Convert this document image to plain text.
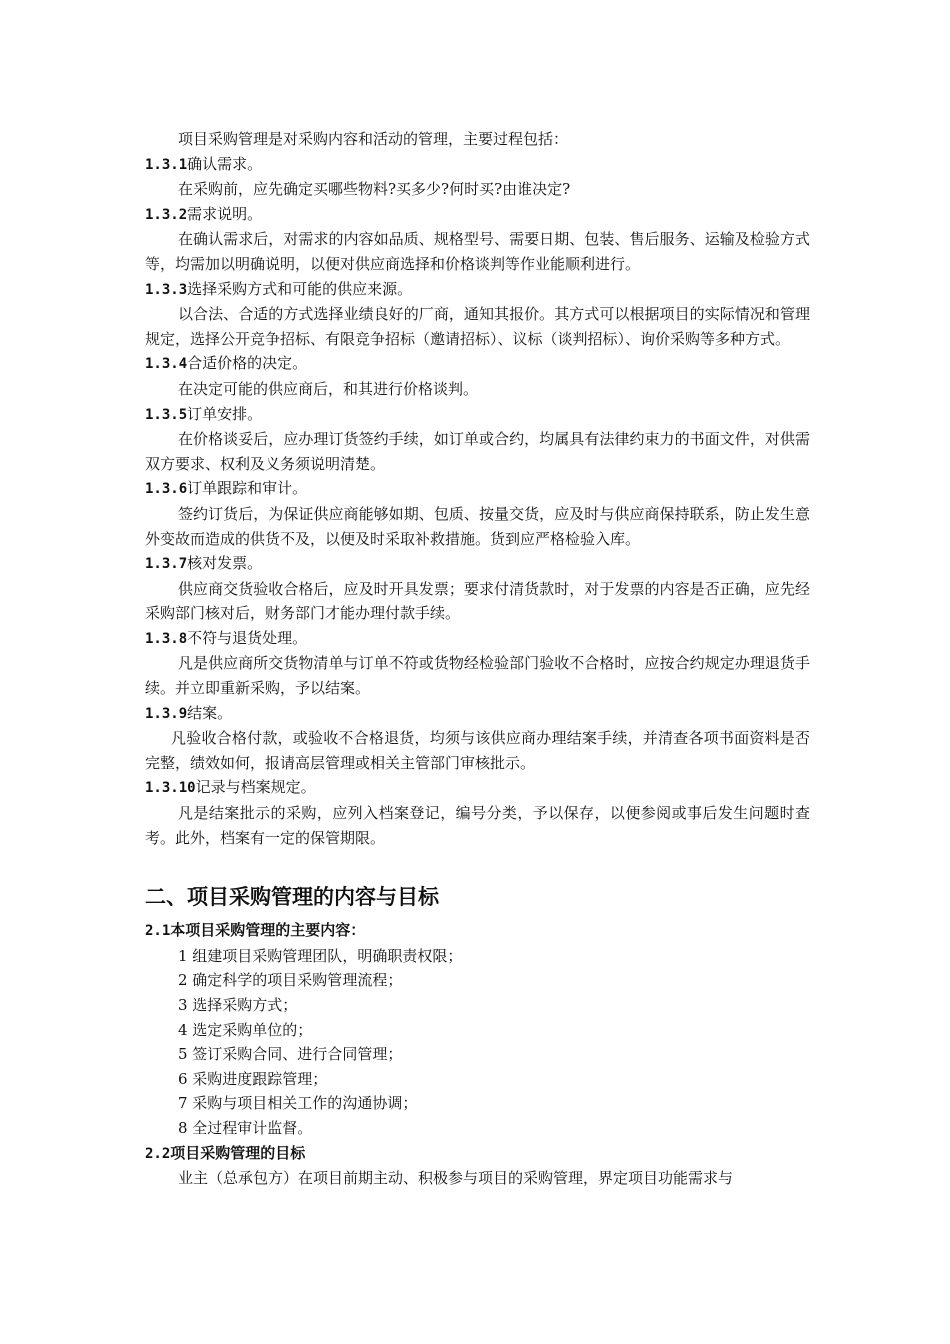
项目采购管理是对采购内容和活动的管理，主要过程包括：
1.3.1确认需求。
在采购前，应先确定买哪些物料?买多少?何时买?由谁决定?
1.3.2需求说明。
在确认需求后，对需求的内容如品质、规格型号、需要日期、包装、售后服务、运输及检验方式等，均需加以明确说明，以便对供应商选择和价格谈判等作业能顺利进行。
1.3.3选择采购方式和可能的供应来源。
以合法、合适的方式选择业绩良好的厂商，通知其报价。其方式可以根据项目的实际情况和管理规定，选择公开竞争招标、有限竞争招标（邀请招标）、议标（谈判招标）、询价采购等多种方式。
1.3.4合适价格的决定。
在决定可能的供应商后，和其进行价格谈判。
1.3.5订单安排。
在价格谈妥后，应办理订货签约手续，如订单或合约，均属具有法律约束力的书面文件，对供需双方要求、权利及义务须说明清楚。
1.3.6订单跟踪和审计。
签约订货后，为保证供应商能够如期、包质、按量交货，应及时与供应商保持联系，防止发生意外变故而造成的供货不及，以便及时采取补救措施。货到应严格检验入库。
1.3.7核对发票。
供应商交货验收合格后，应及时开具发票；要求付清货款时，对于发票的内容是否正确，应先经采购部门核对后，财务部门才能办理付款手续。
1.3.8不符与退货处理。
凡是供应商所交货物清单与订单不符或货物经检验部门验收不合格时，应按合约规定办理退货手续。并立即重新采购，予以结案。
1.3.9结案。
凡验收合格付款，或验收不合格退货，均须与该供应商办理结案手续，并清查各项书面资料是否完整，绩效如何，报请高层管理或相关主管部门审核批示。
1.3.10记录与档案规定。
凡是结案批示的采购，应列入档案登记，编号分类，予以保存，以便参阅或事后发生问题时查考。此外，档案有一定的保管期限。
二、项目采购管理的内容与目标
2.1本项目采购管理的主要内容：
1 组建项目采购管理团队，明确职责权限；
2 确定科学的项目采购管理流程；
3 选择采购方式；
4 选定采购单位的；
5 签订采购合同、进行合同管理；
6 采购进度跟踪管理；
7 采购与项目相关工作的沟通协调；
8 全过程审计监督。
2.2项目采购管理的目标
业主（总承包方）在项目前期主动、积极参与项目的采购管理，界定项目功能需求与
